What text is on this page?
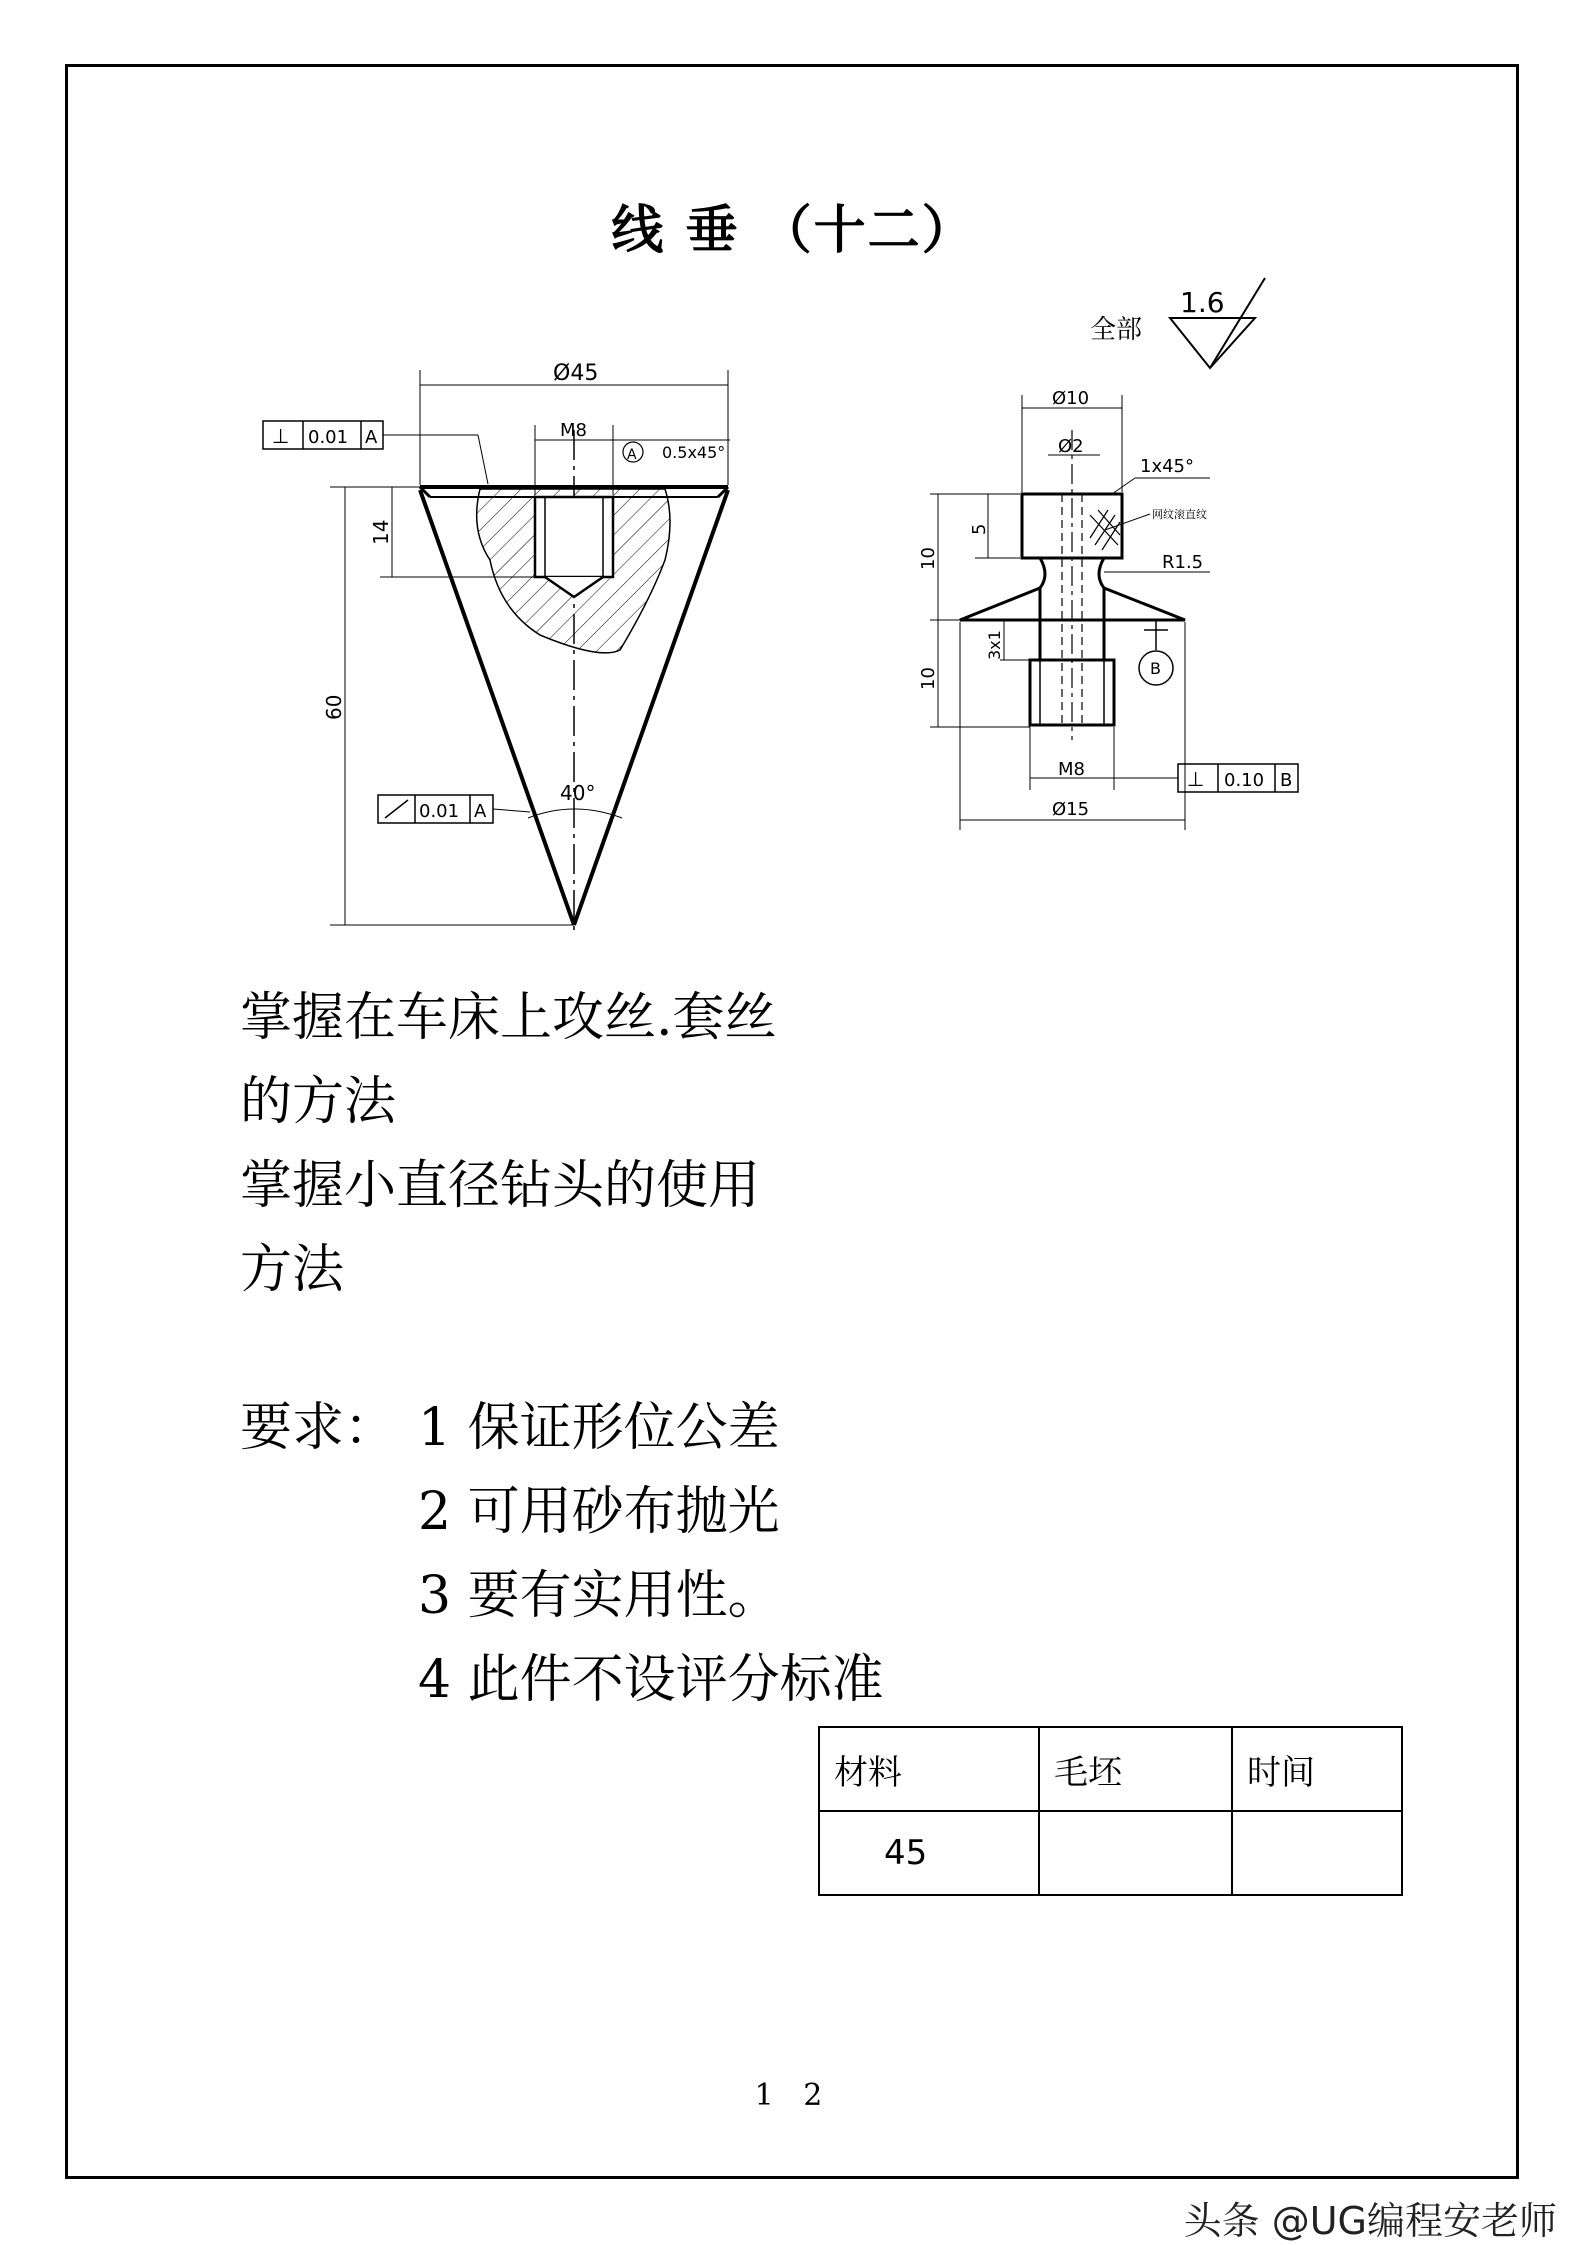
线 垂 （十二）
全部
1.6
Ø45
M8
A 0.5x45°
⊥ 0.01 A
14
60
40°
0.01 A
Ø10
Ø2
1x45°
网纹滚直纹
5
10	R1.5
10
3x1
B
M8
Ø15
⊥ 0.10 B
掌握在车床上攻丝.套丝
的方法
掌握小直径钻头的使用
方法
要求： 1 保证形位公差
2 可用砂布抛光
3 要有实用性。
4 此件不设评分标准
材料	毛坯	时间
45		
1 2
头条 @UG编程安老师
